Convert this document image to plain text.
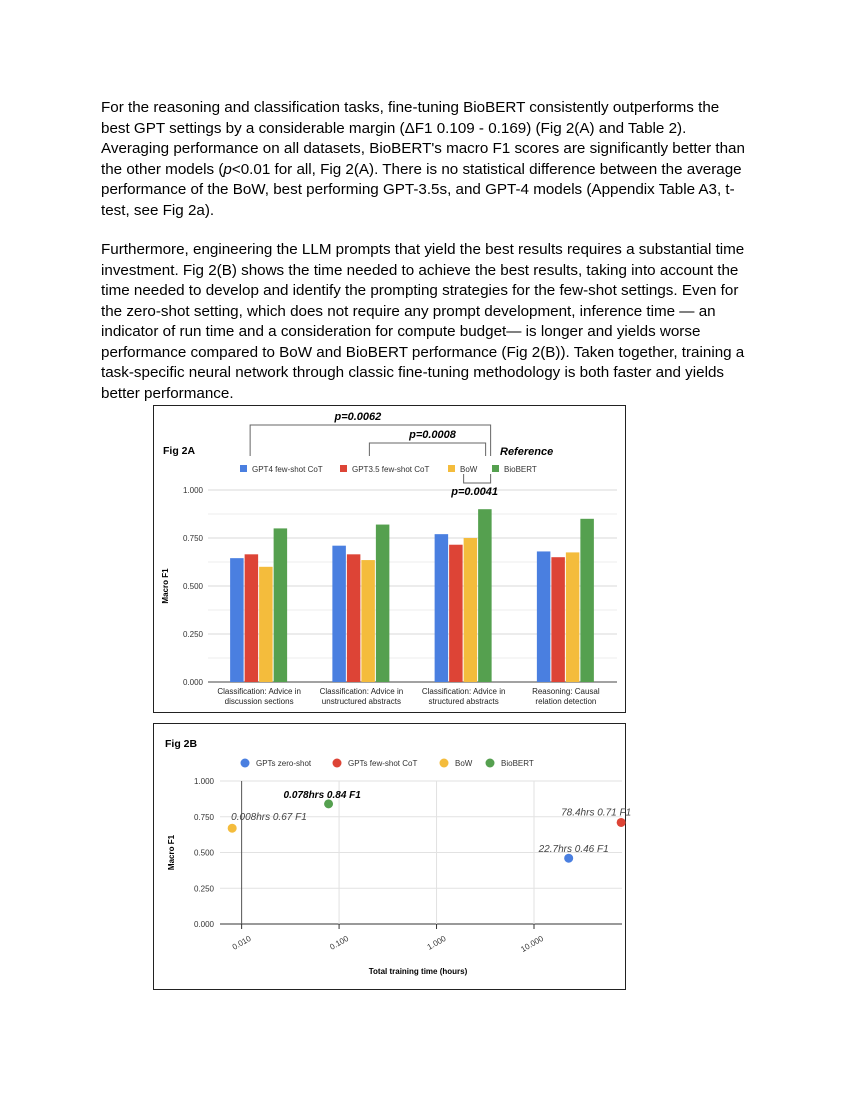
For the reasoning and classification tasks, fine-tuning BioBERT consistently outperforms the best GPT settings by a considerable margin (ΔF1 0.109 - 0.169) (Fig 2(A) and Table 2). Averaging performance on all datasets, BioBERT's macro F1 scores are significantly better than the other models (p<0.01 for all, Fig 2(A). There is no statistical difference between the average performance of the BoW, best performing GPT-3.5s, and GPT-4 models (Appendix Table A3, t-test, see Fig 2a).

Furthermore, engineering the LLM prompts that yield the best results requires a substantial time investment. Fig 2(B) shows the time needed to achieve the best results, taking into account the time needed to develop and identify the prompting strategies for the few-shot settings. Even for the zero-shot setting, which does not require any prompt development, inference time — an indicator of run time and a consideration for compute budget— is longer and yields worse performance compared to BoW and BioBERT performance (Fig 2(B)). Taken together, training a task-specific neural network through classic fine-tuning methodology is both faster and yields better performance.

Fig 2A	Reference
GPT4 few-shot CoT	GPT3.5 few-shot CoT	BoW	BioBERT
0.000
0.250
0.500
0.750
1.000
Macro F1
Classification: Advice in
discussion sections
Classification: Advice in
unstructured abstracts
Classification: Advice in
structured abstracts
Reasoning: Causal
relation detection
p=0.0062
p=0.0008
p=0.0041
Fig 2B
GPTs zero-shot	GPTs few-shot CoT	BoW	BioBERT
0.000
0.250
0.500
0.750
1.000
0.010	0.100	1.000	10.000
Macro F1
Total training time (hours)
22.7hrs 0.46 F1
78.4hrs 0.71 F1
0.008hrs 0.67 F1
0.078hrs 0.84 F1
